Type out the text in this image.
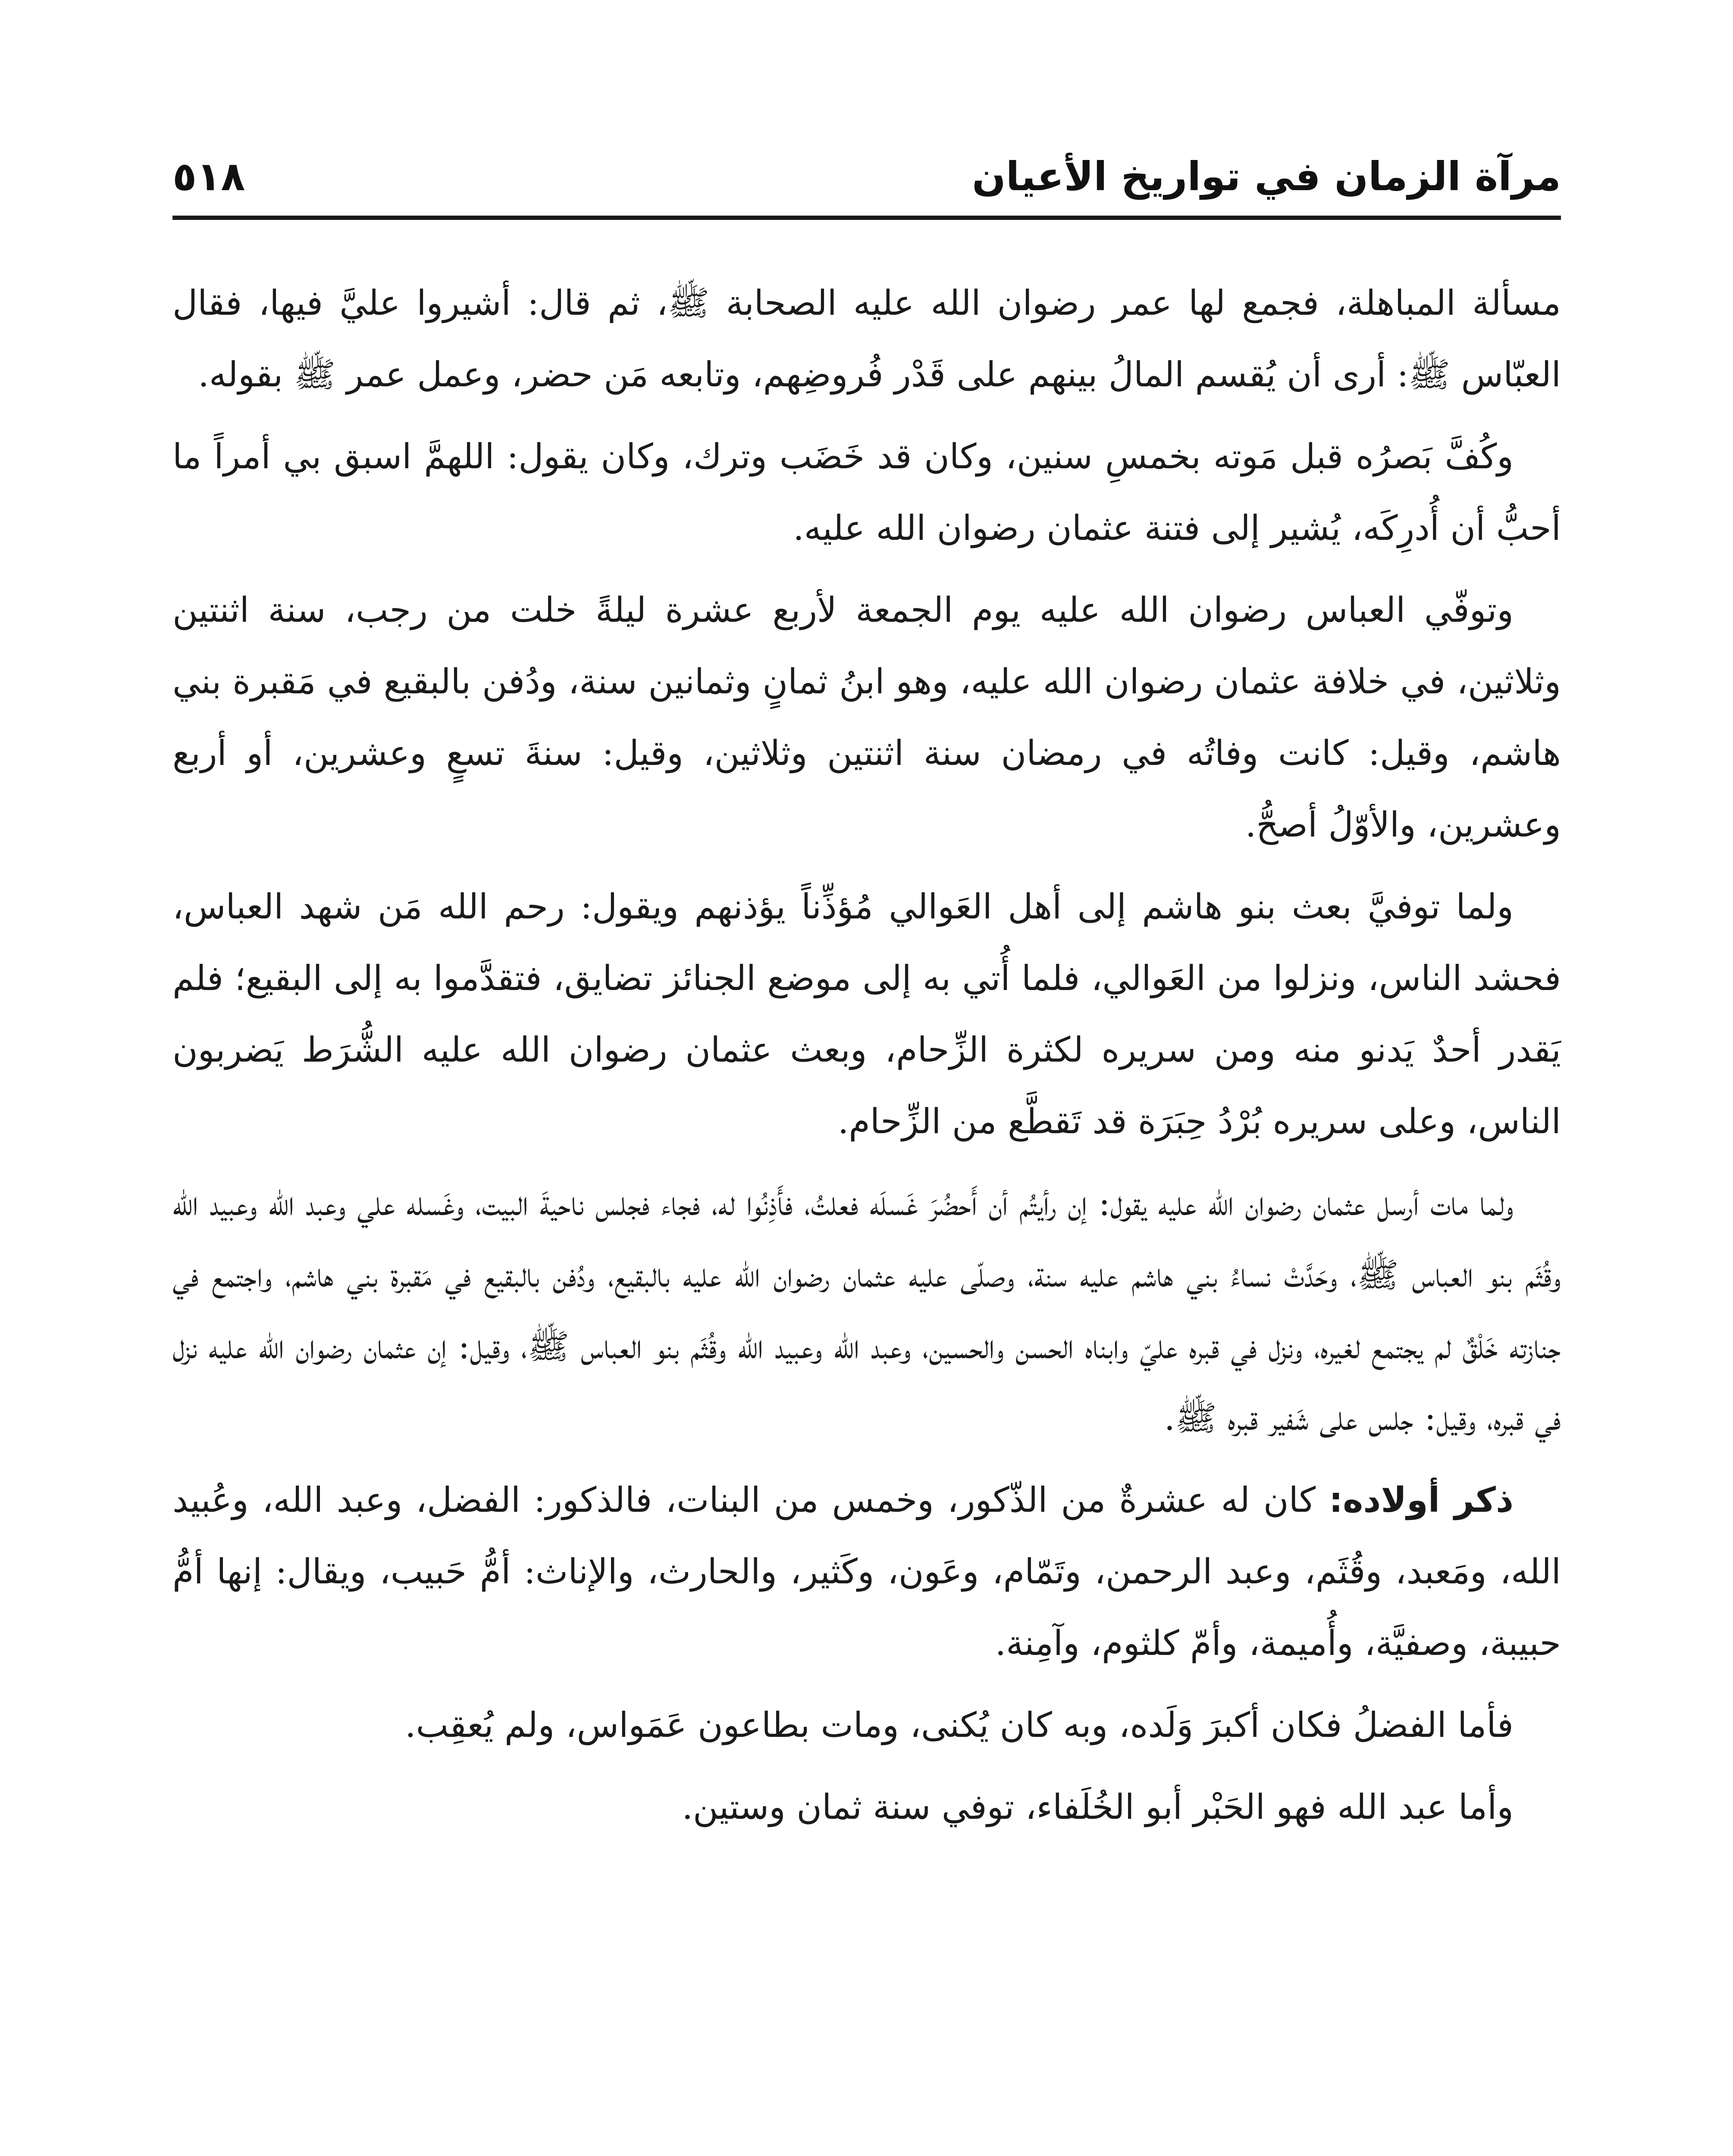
مرآة الزمان في تواريخ الأعيان
٥١٨

مسألة المباهلة، فجمع لها عمر رضوان الله عليه الصحابة ﷺ، ثم قال: أشيروا عليَّ فيها، فقال العبّاس ﷺ: أرى أن يُقسم المالُ بينهم على قَدْر فُروضِهم، وتابعه مَن حضر، وعمل عمر ﷺ بقوله.

وكُفَّ بَصرُه قبل مَوته بخمسِ سنين، وكان قد خَضَب وترك، وكان يقول: اللهمَّ اسبق بي أمراً ما أحبُّ أن أُدرِكَه، يُشير إلى فتنة عثمان رضوان الله عليه.

وتوفّي العباس رضوان الله عليه يوم الجمعة لأربع عشرة ليلةً خلت من رجب، سنة اثنتين وثلاثين، في خلافة عثمان رضوان الله عليه، وهو ابنُ ثمانٍ وثمانين سنة، ودُفن بالبقيع في مَقبرة بني هاشم، وقيل: كانت وفاتُه في رمضان سنة اثنتين وثلاثين، وقيل: سنةَ تسعٍ وعشرين، أو أربع وعشرين، والأوّلُ أصحُّ.

ولما توفيَّ بعث بنو هاشم إلى أهل العَوالي مُؤذِّناً يؤذنهم ويقول: رحم الله مَن شهد العباس، فحشد الناس، ونزلوا من العَوالي، فلما أُتي به إلى موضع الجنائز تضايق، فتقدَّموا به إلى البقيع؛ فلم يَقدر أحدٌ يَدنو منه ومن سريره لكثرة الزِّحام، وبعث عثمان رضوان الله عليه الشُّرَط يَضربون الناس، وعلى سريره بُرْدُ حِبَرَة قد تَقطَّع من الزِّحام.

ولما مات أرسل عثمان رضوان الله عليه يقول: إن رأيتُم أن أَحضُرَ غَسلَه فعلتُ، فأَذِنُوا له، فجاء فجلس ناحيةَ البيت، وغَسله علي وعبد الله وعبيد الله وقُثَم بنو العباس ﷺ، وحَدَّتْ نساءُ بني هاشم عليه سنة، وصلّى عليه عثمان رضوان الله عليه بالبقيع، ودُفن بالبقيع في مَقبرة بني هاشم، واجتمع في جنازته خَلْقٌ لم يجتمع لغيره، ونزل في قبره عليّ وابناه الحسن والحسين، وعبد الله وعبيد الله وقُثَم بنو العباس ﷺ، وقيل: إن عثمان رضوان الله عليه نزل في قبره، وقيل: جلس على شَفير قبره ﷺ.

ذكر أولاده: كان له عشرةٌ من الذّكور، وخمس من البنات، فالذكور: الفضل، وعبد الله، وعُبيد الله، ومَعبد، وقُثَم، وعبد الرحمن، وتَمّام، وعَون، وكَثير، والحارث، والإناث: أمُّ حَبيب، ويقال: إنها أمُّ حبيبة، وصفيَّة، وأُميمة، وأمّ كلثوم، وآمِنة.

فأما الفضلُ فكان أكبرَ وَلَده، وبه كان يُكنى، ومات بطاعون عَمَواس، ولم يُعقِب.

وأما عبد الله فهو الحَبْر أبو الخُلَفاء، توفي سنة ثمان وستين.
